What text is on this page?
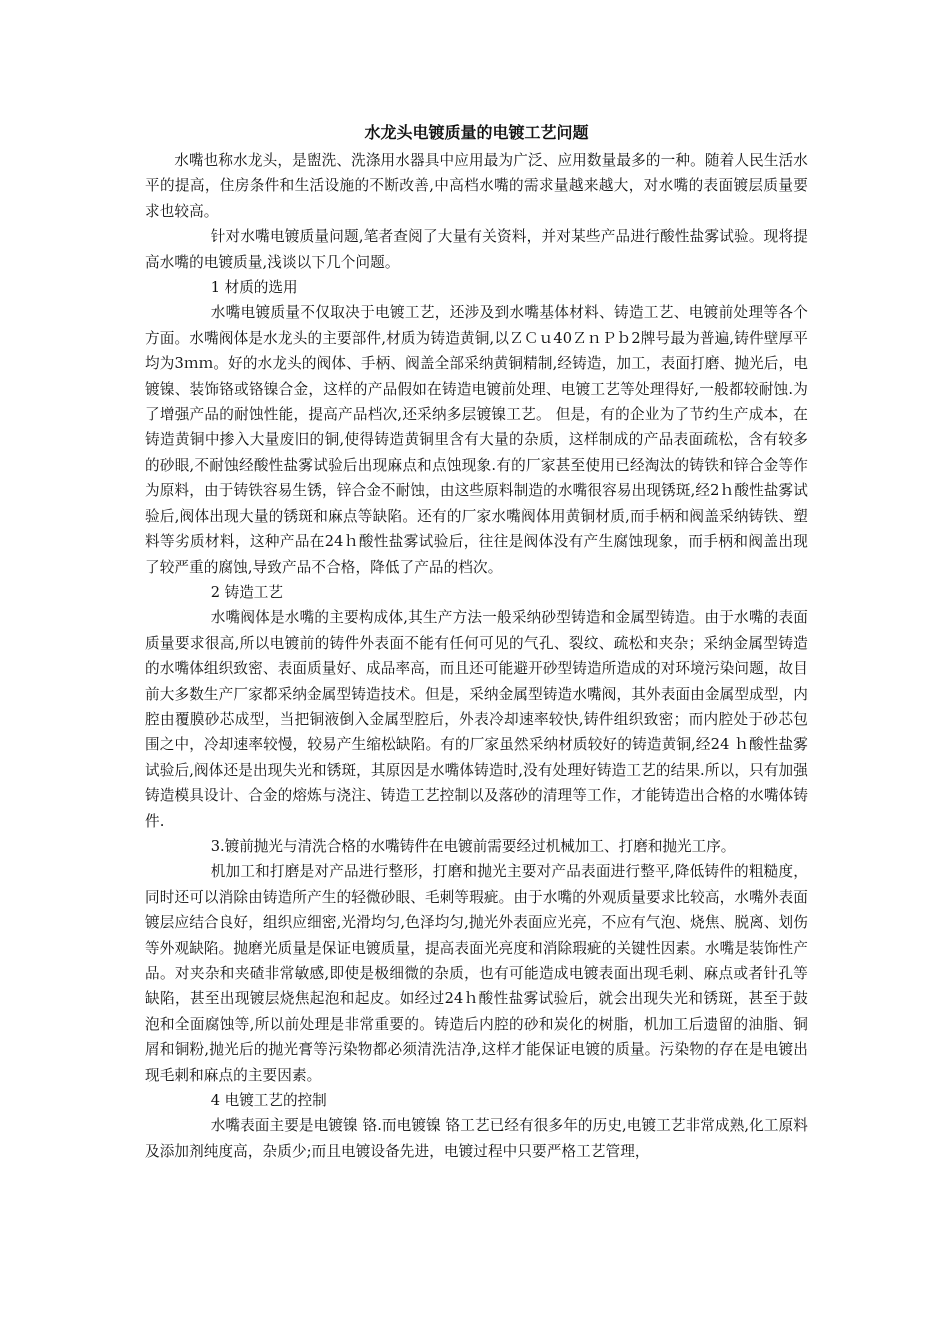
水龙头电镀质量的电镀工艺问题

水嘴也称水龙头，是盥洗、洗涤用水器具中应用最为广泛、应用数量最多的一种。随着人民生活水平的提高，住房条件和生活设施的不断改善,中高档水嘴的需求量越来越大，对水嘴的表面镀层质量要求也较高。

针对水嘴电镀质量问题,笔者查阅了大量有关资料，并对某些产品进行酸性盐雾试验。现将提高水嘴的电镀质量,浅谈以下几个问题。

1 材质的选用

水嘴电镀质量不仅取决于电镀工艺，还涉及到水嘴基体材料、铸造工艺、电镀前处理等各个方面。水嘴阀体是水龙头的主要部件,材质为铸造黄铜,以ＺＣｕ40ＺｎＰｂ2牌号最为普遍,铸件壁厚平均为3ｍｍ。好的水龙头的阀体、手柄、阀盖全部采纳黄铜精制,经铸造，加工，表面打磨、抛光后，电镀镍、装饰铬或铬镍合金，这样的产品假如在铸造电镀前处理、电镀工艺等处理得好,一般都较耐蚀.为了增强产品的耐蚀性能，提高产品档次,还采纳多层镀镍工艺。 但是，有的企业为了节约生产成本，在铸造黄铜中掺入大量废旧的铜,使得铸造黄铜里含有大量的杂质，这样制成的产品表面疏松，含有较多的砂眼,不耐蚀经酸性盐雾试验后出现麻点和点蚀现象.有的厂家甚至使用已经淘汰的铸铁和锌合金等作为原料，由于铸铁容易生锈，锌合金不耐蚀，由这些原料制造的水嘴很容易出现锈斑,经2ｈ酸性盐雾试验后,阀体出现大量的锈斑和麻点等缺陷。还有的厂家水嘴阀体用黄铜材质,而手柄和阀盖采纳铸铁、塑料等劣质材料，这种产品在24ｈ酸性盐雾试验后，往往是阀体没有产生腐蚀现象，而手柄和阀盖出现了较严重的腐蚀,导致产品不合格，降低了产品的档次。

2 铸造工艺

水嘴阀体是水嘴的主要构成体,其生产方法一般采纳砂型铸造和金属型铸造。由于水嘴的表面质量要求很高,所以电镀前的铸件外表面不能有任何可见的气孔、裂纹、疏松和夹杂；采纳金属型铸造的水嘴体组织致密、表面质量好、成品率高，而且还可能避开砂型铸造所造成的对环境污染问题，故目前大多数生产厂家都采纳金属型铸造技术。但是，采纳金属型铸造水嘴阀，其外表面由金属型成型，内腔由覆膜砂芯成型，当把铜液倒入金属型腔后，外表冷却速率较快,铸件组织致密；而内腔处于砂芯包围之中，冷却速率较慢，较易产生缩松缺陷。有的厂家虽然采纳材质较好的铸造黄铜,经24 ｈ酸性盐雾试验后,阀体还是出现失光和锈斑，其原因是水嘴体铸造时,没有处理好铸造工艺的结果.所以，只有加强铸造模具设计、合金的熔炼与浇注、铸造工艺控制以及落砂的清理等工作，才能铸造出合格的水嘴体铸件.

3.镀前抛光与清洗合格的水嘴铸件在电镀前需要经过机械加工、打磨和抛光工序。

机加工和打磨是对产品进行整形，打磨和抛光主要对产品表面进行整平,降低铸件的粗糙度，同时还可以消除由铸造所产生的轻微砂眼、毛刺等瑕疵。由于水嘴的外观质量要求比较高，水嘴外表面镀层应结合良好，组织应细密,光滑均匀,色泽均匀,抛光外表面应光亮，不应有气泡、烧焦、脱离、划伤等外观缺陷。抛磨光质量是保证电镀质量，提高表面光亮度和消除瑕疵的关键性因素。水嘴是装饰性产品。对夹杂和夹碴非常敏感,即使是极细微的杂质，也有可能造成电镀表面出现毛刺、麻点或者针孔等缺陷，甚至出现镀层烧焦起泡和起皮。如经过24ｈ酸性盐雾试验后，就会出现失光和锈斑，甚至于鼓泡和全面腐蚀等,所以前处理是非常重要的。铸造后内腔的砂和炭化的树脂，机加工后遗留的油脂、铜屑和铜粉,抛光后的抛光膏等污染物都必须清洗洁净,这样才能保证电镀的质量。污染物的存在是电镀出现毛刺和麻点的主要因素。

4 电镀工艺的控制

水嘴表面主要是电镀镍 铬.而电镀镍 铬工艺已经有很多年的历史,电镀工艺非常成熟,化工原料及添加剂纯度高，杂质少;而且电镀设备先进，电镀过程中只要严格工艺管理，
